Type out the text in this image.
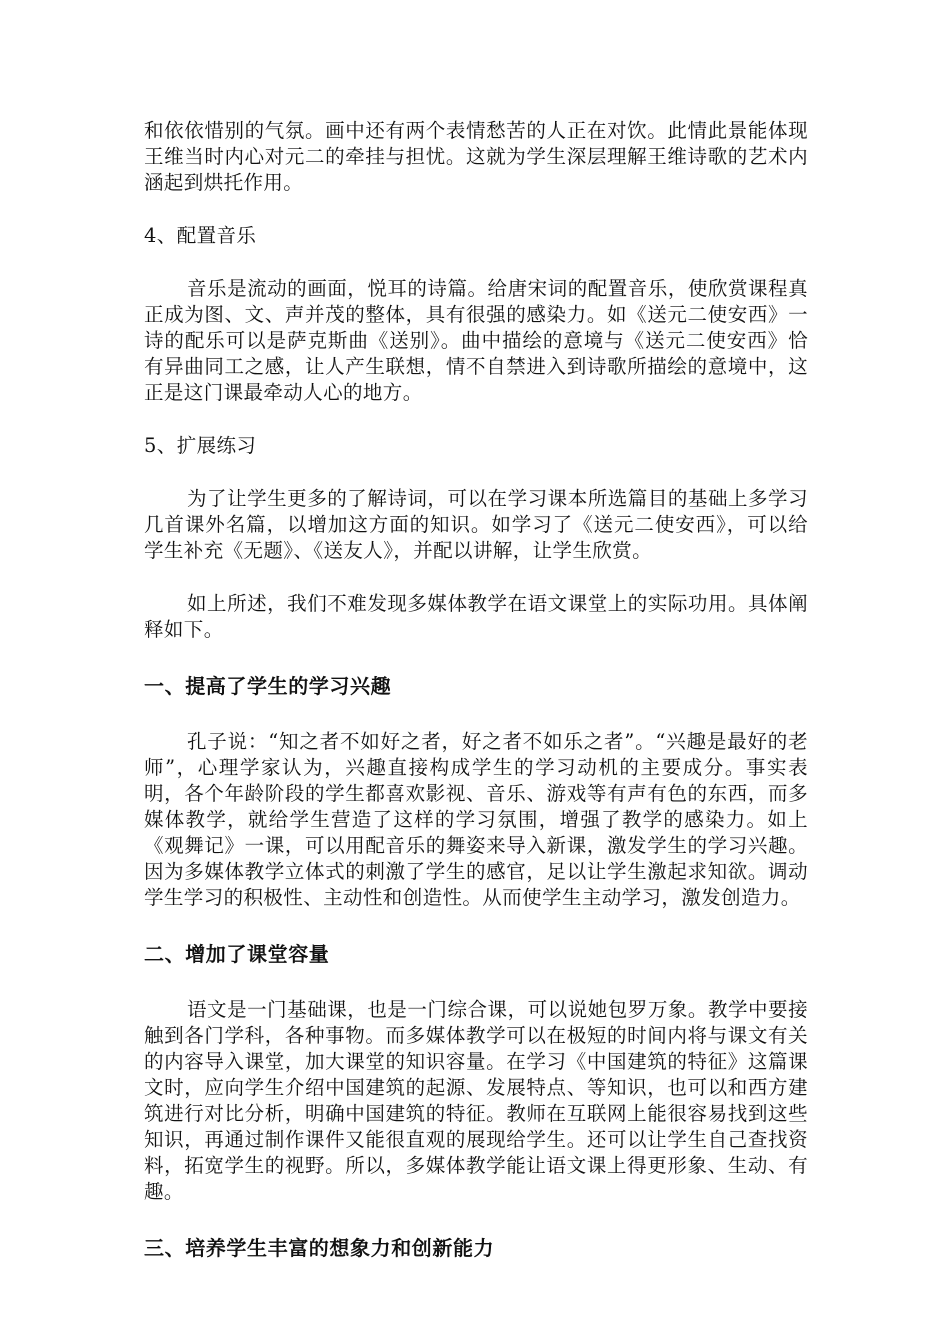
和依依惜别的气氛。画中还有两个表情愁苦的人正在对饮。此情此景能体现王维当时内心对元二的牵挂与担忧。这就为学生深层理解王维诗歌的艺术内涵起到烘托作用。

4、配置音乐

音乐是流动的画面，悦耳的诗篇。给唐宋词的配置音乐，使欣赏课程真正成为图、文、声并茂的整体，具有很强的感染力。如《送元二使安西》一诗的配乐可以是萨克斯曲《送别》。曲中描绘的意境与《送元二使安西》恰有异曲同工之感，让人产生联想，情不自禁进入到诗歌所描绘的意境中，这正是这门课最牵动人心的地方。

5、扩展练习

为了让学生更多的了解诗词，可以在学习课本所选篇目的基础上多学习几首课外名篇，以增加这方面的知识。如学习了《送元二使安西》，可以给学生补充《无题》、《送友人》，并配以讲解，让学生欣赏。

如上所述，我们不难发现多媒体教学在语文课堂上的实际功用。具体阐释如下。

一、提高了学生的学习兴趣

孔子说：“知之者不如好之者，好之者不如乐之者”。“兴趣是最好的老师”，心理学家认为，兴趣直接构成学生的学习动机的主要成分。事实表明，各个年龄阶段的学生都喜欢影视、音乐、游戏等有声有色的东西，而多媒体教学，就给学生营造了这样的学习氛围，增强了教学的感染力。如上《观舞记》一课，可以用配音乐的舞姿来导入新课，激发学生的学习兴趣。因为多媒体教学立体式的刺激了学生的感官，足以让学生激起求知欲。调动学生学习的积极性、主动性和创造性。从而使学生主动学习，激发创造力。

二、增加了课堂容量

语文是一门基础课，也是一门综合课，可以说她包罗万象。教学中要接触到各门学科，各种事物。而多媒体教学可以在极短的时间内将与课文有关的内容导入课堂，加大课堂的知识容量。在学习《中国建筑的特征》这篇课文时，应向学生介绍中国建筑的起源、发展特点、等知识，也可以和西方建筑进行对比分析，明确中国建筑的特征。教师在互联网上能很容易找到这些知识，再通过制作课件又能很直观的展现给学生。还可以让学生自己查找资料，拓宽学生的视野。所以，多媒体教学能让语文课上得更形象、生动、有趣。

三、培养学生丰富的想象力和创新能力
